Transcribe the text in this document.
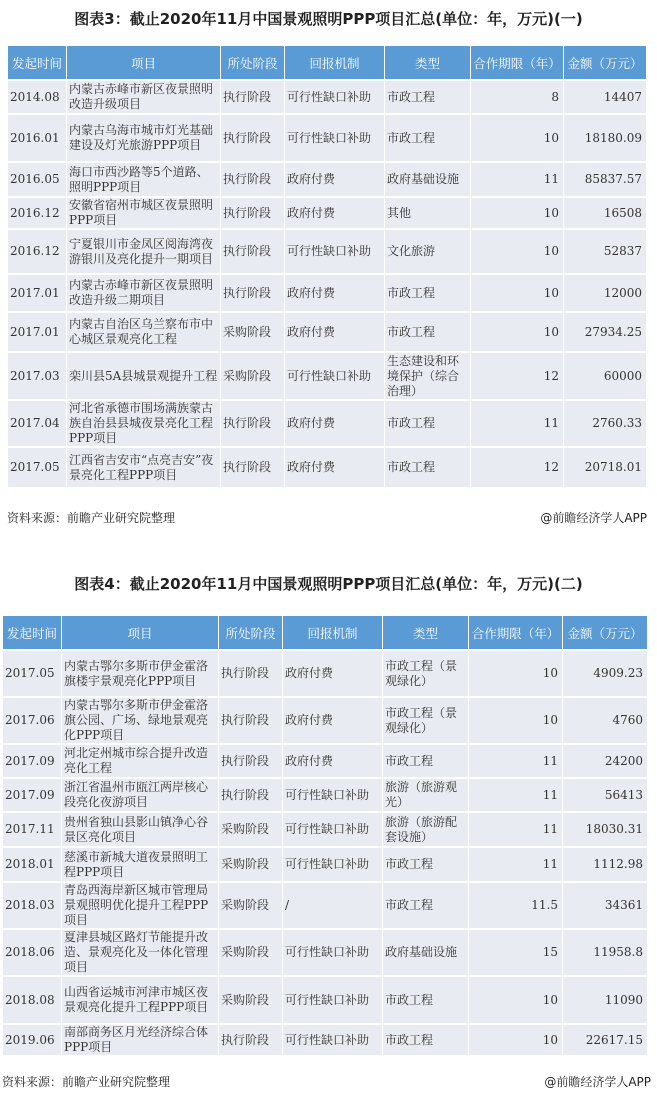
图表3：截止2020年11月中国景观照明PPP项目汇总(单位：年，万元)(一)
发起时间	项目	所处阶段	回报机制	类型	合作期限（年）	金额（万元）
2014.08	内蒙古赤峰市新区夜景照明改造升级项目	执行阶段	可行性缺口补助	市政工程	8	14407
2016.01	内蒙古乌海市城市灯光基础建设及灯光旅游PPP项目	执行阶段	可行性缺口补助	市政工程	10	18180.09
2016.05	海口市西沙路等5个道路、照明PPP项目	执行阶段	政府付费	政府基础设施	11	85837.57
2016.12	安徽省宿州市城区夜景照明PPP项目	执行阶段	政府付费	其他	10	16508
2016.12	宁夏银川市金凤区阅海湾夜游银川及亮化提升一期项目	执行阶段	可行性缺口补助	文化旅游	10	52837
2017.01	内蒙古赤峰市新区夜景照明改造升级二期项目	执行阶段	政府付费	市政工程	10	12000
2017.01	内蒙古自治区乌兰察布市中心城区景观亮化工程	采购阶段	政府付费	市政工程	10	27934.25
2017.03	栾川县5A县城景观提升工程	采购阶段	可行性缺口补助	生态建设和环境保护（综合治理）	12	60000
2017.04	河北省承德市围场满族蒙古族自治县县城夜景亮化工程PPP项目	执行阶段	政府付费	市政工程	11	2760.33
2017.05	江西省吉安市“点亮吉安”夜景亮化工程PPP项目	执行阶段	政府付费	市政工程	12	20718.01
资料来源：前瞻产业研究院整理	@前瞻经济学人APP
图表4：截止2020年11月中国景观照明PPP项目汇总(单位：年，万元)(二)
发起时间	项目	所处阶段	回报机制	类型	合作期限（年）	金额（万元）
2017.05	内蒙古鄂尔多斯市伊金霍洛旗楼宇景观亮化PPP项目	执行阶段	政府付费	市政工程（景观绿化）	10	4909.23
2017.06	内蒙古鄂尔多斯市伊金霍洛旗公园、广场、绿地景观亮化PPP项目	执行阶段	政府付费	市政工程（景观绿化）	10	4760
2017.09	河北定州城市综合提升改造亮化工程	执行阶段	政府付费	市政工程	11	24200
2017.09	浙江省温州市瓯江两岸核心段亮化夜游项目	执行阶段	可行性缺口补助	旅游（旅游观光）	11	56413
2017.11	贵州省独山县影山镇净心谷景区亮化项目	采购阶段	可行性缺口补助	旅游（旅游配套设施）	11	18030.31
2018.01	慈溪市新城大道夜景照明工程PPP项目	采购阶段	可行性缺口补助	市政工程	11	1112.98
2018.03	青岛西海岸新区城市管理局景观照明优化提升工程PPP项目	采购阶段	/	市政工程	11.5	34361
2018.06	夏津县城区路灯节能提升改造、景观亮化及一体化管理项目	采购阶段	可行性缺口补助	政府基础设施	15	11958.8
2018.08	山西省运城市河津市城区夜景观亮化提升工程PPP项目	采购阶段	可行性缺口补助	市政工程	10	11090
2019.06	南部商务区月光经济综合体PPP项目	执行阶段	可行性缺口补助	市政工程	10	22617.15
资料来源：前瞻产业研究院整理	@前瞻经济学人APP
